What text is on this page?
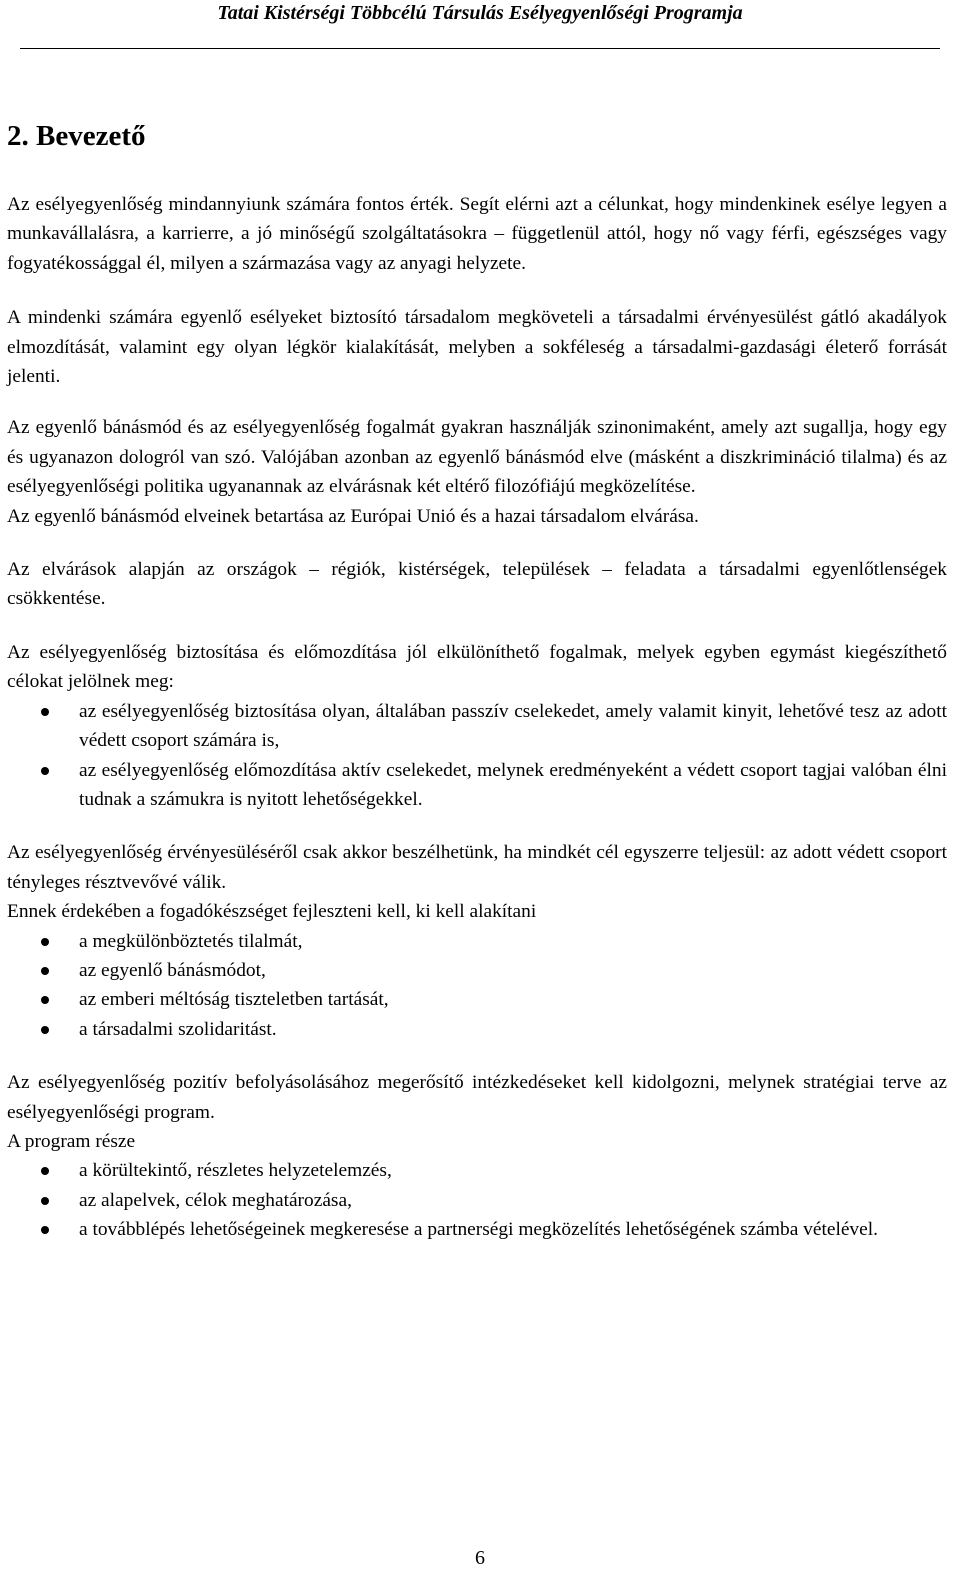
Tatai Kistérségi Többcélú Társulás Esélyegyenlőségi Programja
2. Bevezető

Az esélyegyenlőség mindannyiunk számára fontos érték. Segít elérni azt a célunkat, hogy mindenkinek esélye legyen a munkavállalásra, a karrierre, a jó minőségű szolgáltatásokra – függetlenül attól, hogy nő vagy férfi, egészséges vagy fogyatékossággal él, milyen a származása vagy az anyagi helyzete.

A mindenki számára egyenlő esélyeket biztosító társadalom megköveteli a társadalmi érvényesülést gátló akadályok elmozdítását, valamint egy olyan légkör kialakítását, melyben a sokféleség a társadalmi-gazdasági életerő forrását jelenti.

Az egyenlő bánásmód és az esélyegyenlőség fogalmát gyakran használják szinonimaként, amely azt sugallja, hogy egy és ugyanazon dologról van szó. Valójában azonban az egyenlő bánásmód elve (másként a diszkrimináció tilalma) és az esélyegyenlőségi politika ugyanannak az elvárásnak két eltérő filozófiájú megközelítése.

Az egyenlő bánásmód elveinek betartása az Európai Unió és a hazai társadalom elvárása.

Az elvárások alapján az országok – régiók, kistérségek, települések – feladata a társadalmi egyenlőtlenségek csökkentése.

Az esélyegyenlőség biztosítása és előmozdítása jól elkülöníthető fogalmak, melyek egyben egymást kiegészíthető célokat jelölnek meg:

az esélyegyenlőség biztosítása olyan, általában passzív cselekedet, amely valamit kinyit, lehetővé tesz az adott védett csoport számára is,
az esélyegyenlőség előmozdítása aktív cselekedet, melynek eredményeként a védett csoport tagjai valóban élni tudnak a számukra is nyitott lehetőségekkel.

Az esélyegyenlőség érvényesüléséről csak akkor beszélhetünk, ha mindkét cél egyszerre teljesül: az adott védett csoport tényleges résztvevővé válik.

Ennek érdekében a fogadókészséget fejleszteni kell, ki kell alakítani

a megkülönböztetés tilalmát,
az egyenlő bánásmódot,
az emberi méltóság tiszteletben tartását,
a társadalmi szolidaritást.

Az esélyegyenlőség pozitív befolyásolásához megerősítő intézkedéseket kell kidolgozni, melynek stratégiai terve az esélyegyenlőségi program.

A program része

a körültekintő, részletes helyzetelemzés,
az alapelvek, célok meghatározása,
a továbblépés lehetőségeinek megkeresése a partnerségi megközelítés lehetőségének számba vételével.
6
